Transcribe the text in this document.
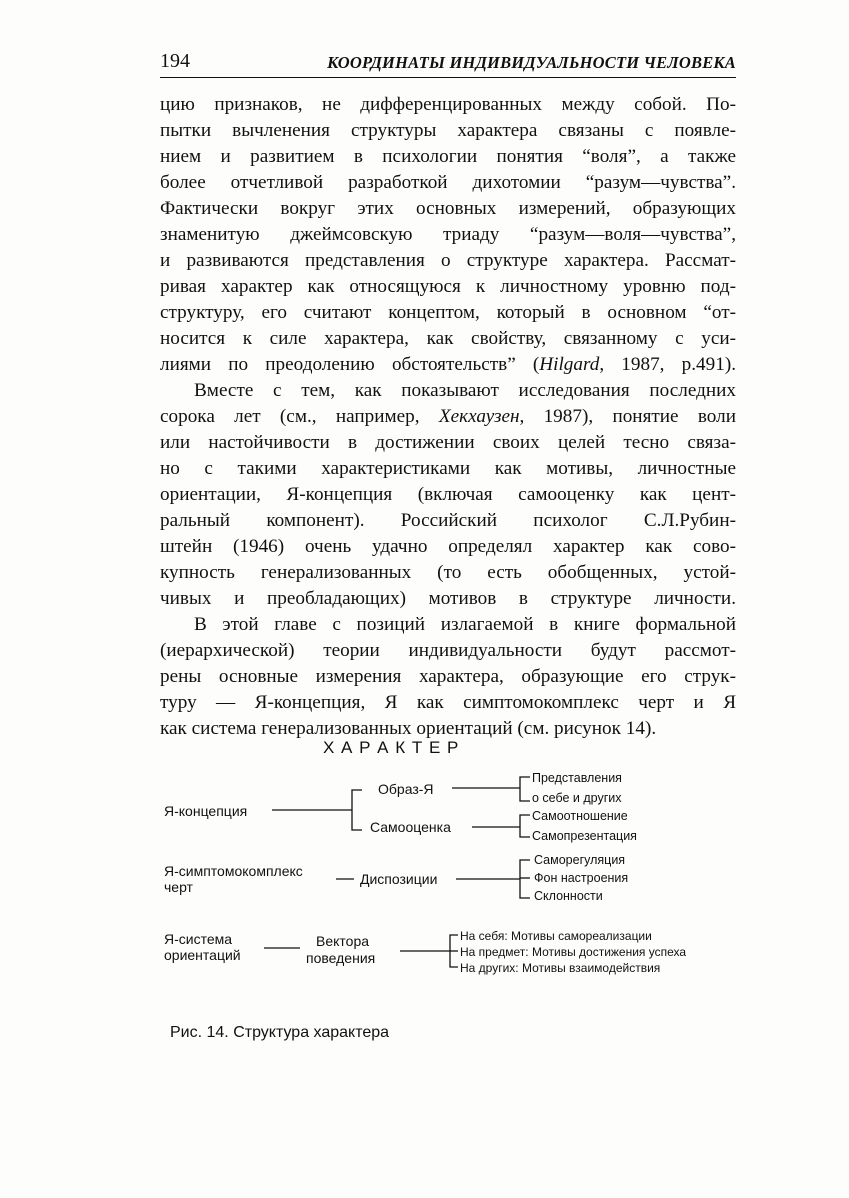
194	КООРДИНАТЫ ИНДИВИДУАЛЬНОСТИ ЧЕЛОВЕКА

цию признаков, не дифференцированных между собой. По-
пытки вычленения структуры характера связаны с появле-
нием и развитием в психологии понятия “воля”, а также
более отчетливой разработкой дихотомии “разум—чувства”.
Фактически вокруг этих основных измерений, образующих
знаменитую джеймсовскую триаду “разум—воля—чувства”,
и развиваются представления о структуре характера. Рассмат-
ривая характер как относящуюся к личностному уровню под-
структуру, его считают концептом, который в основном “от-
носится к силе характера, как свойству, связанному с уси-
лиями по преодолению обстоятельств” (Hilgard, 1987, р.491).

Вместе с тем, как показывают исследования последних
сорока лет (см., например, Хекхаузен, 1987), понятие воли
или настойчивости в достижении своих целей тесно связа-
но с такими характеристиками как мотивы, личностные
ориентации, Я-концепция (включая самооценку как цент-
ральный компонент). Российский психолог С.Л.Рубин-
штейн (1946) очень удачно определял характер как сово-
купность генерализованных (то есть обобщенных, устой-
чивых и преобладающих) мотивов в структуре личности.

В этой главе с позиций излагаемой в книге формальной
(иерархической) теории индивидуальности будут рассмот-
рены основные измерения характера, образующие его струк-
туру — Я-концепция, Я как симптомокомплекс черт и Я
как система генерализованных ориентаций (см. рисунок 14).

Х А Р А К Т Е Р
Я-концепция
Образ-Я
Самооценка
Представления
о себе и других
Самоотношение
Самопрезентация
Я-симптомокомплекс
черт	Диспозиции
Саморегуляция
Фон настроения
Склонности
Я-система
ориентаций
Вектора
поведения
На себя: Мотивы самореализации
На предмет: Мотивы достижения успеха
На других: Мотивы взаимодействия
Рис. 14. Структура характера
